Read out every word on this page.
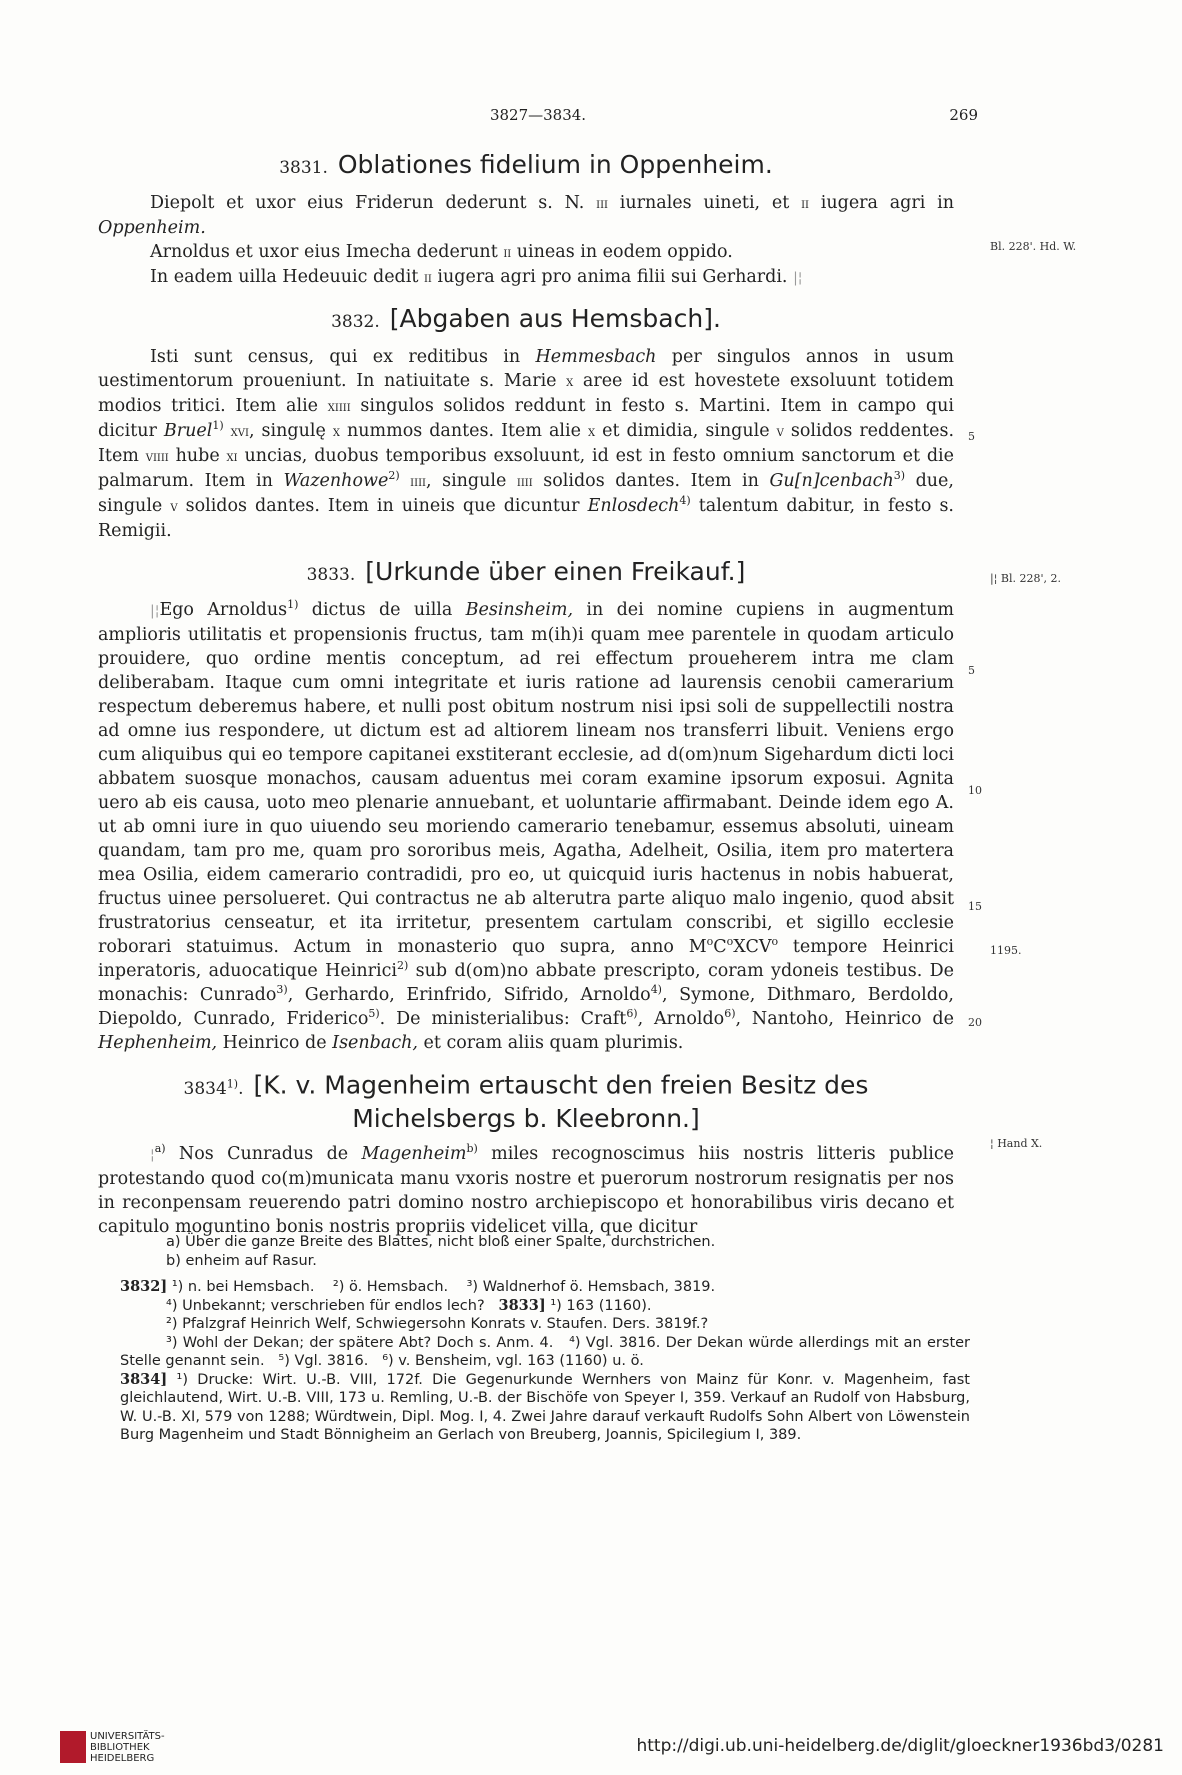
3827—3834.	269
3831. Oblationes fidelium in Oppenheim.

Diepolt et uxor eius Friderun dederunt s. N. iii iurnales uineti, et ii iugera agri in Oppenheim.

Arnoldus et uxor eius Imecha dederunt ii uineas in eodem oppido.

In eadem uilla Hedeuuic dedit ii iugera agri pro anima filii sui Gerhardi. |¦

3832. [Abgaben aus Hemsbach].

Isti sunt census, qui ex reditibus in Hemmesbach per singulos annos in usum uestimentorum proueniunt. In natiuitate s. Marie x aree id est hovestete exsoluunt totidem modios tritici. Item alie xiiii singulos solidos reddunt in festo s. Martini. Item in campo qui dicitur Bruel$^{1)}$ xvi, singulę x nummos dantes. Item alie x et dimidia, singule v solidos reddentes. Item viiii hube xi uncias, duobus temporibus exsoluunt, id est in festo omnium sanctorum et die palmarum. Item in Wazenhowe$^{2)}$ iiii, singule iiii solidos dantes. Item in Gu[n]cenbach$^{3)}$ due, singule v solidos dantes. Item in uineis que dicuntur Enlosdech$^{4)}$ talentum dabitur, in festo s. Remigii.

3833. [Urkunde über einen Freikauf.]

|¦Ego Arnoldus$^{1)}$ dictus de uilla Besinsheim, in dei nomine cupiens in augmentum amplioris utilitatis et propensionis fructus, tam m(ih)i quam mee parentele in quodam articulo prouidere, quo ordine mentis conceptum, ad rei effectum proueherem intra me clam deliberabam. Itaque cum omni integritate et iuris ratione ad laurensis cenobii camerarium respectum deberemus habere, et nulli post obitum nostrum nisi ipsi soli de suppellectili nostra ad omne ius respondere, ut dictum est ad altiorem lineam nos transferri libuit. Veniens ergo cum aliquibus qui eo tempore capitanei exstiterant ecclesie, ad d(om)num Sigehardum dicti loci abbatem suosque monachos, causam aduentus mei coram examine ipsorum exposui. Agnita uero ab eis causa, uoto meo plenarie annuebant, et uoluntarie affirmabant. Deinde idem ego A. ut ab omni iure in quo uiuendo seu moriendo camerario tenebamur, essemus absoluti, uineam quandam, tam pro me, quam pro sororibus meis, Agatha, Adelheit, Osilia, item pro matertera mea Osilia, eidem camerario contradidi, pro eo, ut quicquid iuris hactenus in nobis habuerat, fructus uinee persolueret. Qui contractus ne ab alterutra parte aliquo malo ingenio, quod absit frustratorius censeatur, et ita irritetur, presentem cartulam conscribi, et sigillo ecclesie roborari statuimus. Actum in monasterio quo supra, anno $M^oC^oXCV^o$ tempore Heinrici inperatoris, aduocatique Heinrici$^{2)}$ sub d(om)no abbate prescripto, coram ydoneis testibus. De monachis: Cunrado$^{3)}$, Gerhardo, Erinfrido, Sifrido, Arnoldo$^{4)}$, Symone, Dithmaro, Berdoldo, Diepoldo, Cunrado, Friderico$^{5)}$. De ministerialibus: Craft$^{6)}$, Arnoldo$^{6)}$, Nantoho, Heinrico de Hephenheim, Heinrico de Isenbach, et coram aliis quam plurimis.

3834$^{1)}$. [K. v. Magenheim ertauscht den freien Besitz des Michelsbergs b. Kleebronn.]

¦$^{a)}$ Nos Cunradus de Magenheim$^{b)}$ miles recognoscimus hiis nostris litteris publice protestando quod co(m)municata manu vxoris nostre et puerorum nostrorum resignatis per nos in reconpensam reuerendo patri domino nostro archiepiscopo et honorabilibus viris decano et capitulo moguntino bonis nostris propriis videlicet villa, que dicitur

Bl. 228'. Hd. W.
|¦ Bl. 228', 2.
1195.
¦ Hand X.
5
5
10
15
20
a) Über die ganze Breite des Blattes, nicht bloß einer Spalte, durchstrichen.
b) enheim auf Rasur.
3832] ¹) n. bei Hemsbach. ²) ö. Hemsbach. ³) Waldnerhof ö. Hemsbach, 3819.
⁴) Unbekannt; verschrieben für endlos lech? 3833] ¹) 163 (1160).
²) Pfalzgraf Heinrich Welf, Schwiegersohn Konrats v. Staufen. Ders. 3819f.?
³) Wohl der Dekan; der spätere Abt? Doch s. Anm. 4. ⁴) Vgl. 3816. Der Dekan würde allerdings mit an erster Stelle genannt sein. ⁵) Vgl. 3816. ⁶) v. Bensheim, vgl. 163 (1160) u. ö.
3834] ¹) Drucke: Wirt. U.-B. VIII, 172f. Die Gegenurkunde Wernhers von Mainz für Konr. v. Magenheim, fast gleichlautend, Wirt. U.-B. VIII, 173 u. Remling, U.-B. der Bischöfe von Speyer I, 359. Verkauf an Rudolf von Habsburg, W. U.-B. XI, 579 von 1288; Würdtwein, Dipl. Mog. I, 4. Zwei Jahre darauf verkauft Rudolfs Sohn Albert von Löwenstein Burg Magenheim und Stadt Bönnigheim an Gerlach von Breuberg, Joannis, Spicilegium I, 389.
UNIVERSITÄTS-
BIBLIOTHEK
HEIDELBERG
http://digi.ub.uni-heidelberg.de/diglit/gloeckner1936bd3/0281
